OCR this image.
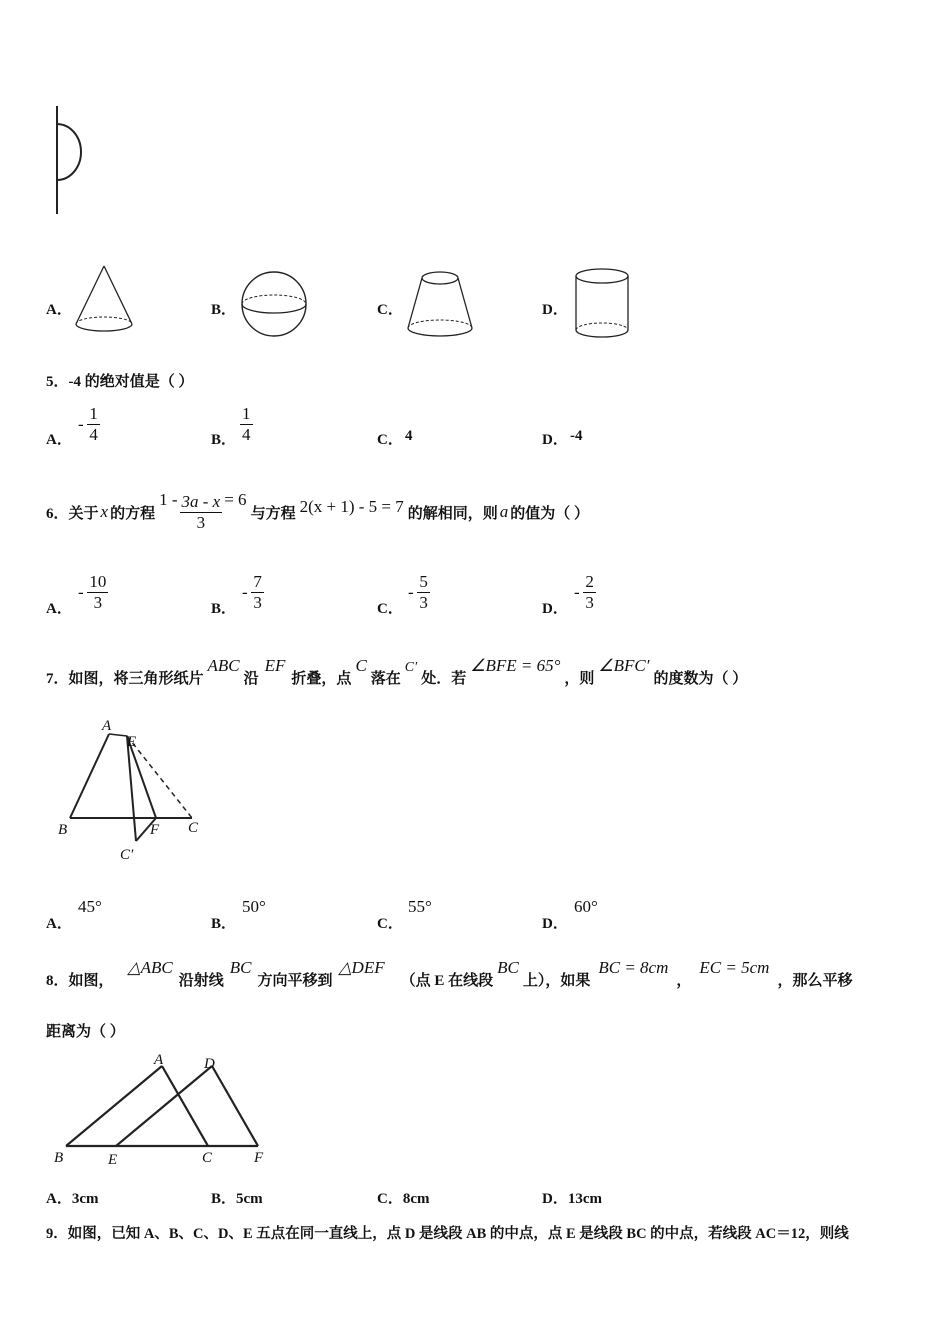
A．	B．	C．	D．
5．-4 的绝对值是（ ）
A．
- $\frac{1}{4}$	B． $\frac{1}{4}$	C． 4	D． -4
6．关于 x 的方程
$1 - \frac{3a - x}{3} = 6$
与方程 2(x + 1) - 5 = 7 的解相同，则 a 的值为（ ）
A．
- $\frac{10}{3}$	B．
- $\frac{7}{3}$	C．
- $\frac{5}{3}$	D．
- $\frac{2}{3}$
7．如图，将三角形纸片
ABC
沿
EF
折叠，点
C
落在
C′
处．若
∠BFE = 65°
，则
∠BFC′
的度数为（ ）
A
E
B	F C
C′
A．
45°
B．
50°
C．
55°
D．
60°
8．如图，
△ABC
沿射线
BC
方向平移到
△DEF
（点 E 在线段
BC
上），如果
BC = 8cm
，
EC = 5cm
，那么平移
距离为（ ）
A	D
B	E	C	F
A．3cm	B．5cm	C．8cm	D．13cm
9．如图，已知 A、B、C、D、E 五点在同一直线上，点 D 是线段 AB 的中点，点 E 是线段 BC 的中点，若线段 AC＝12，则线
